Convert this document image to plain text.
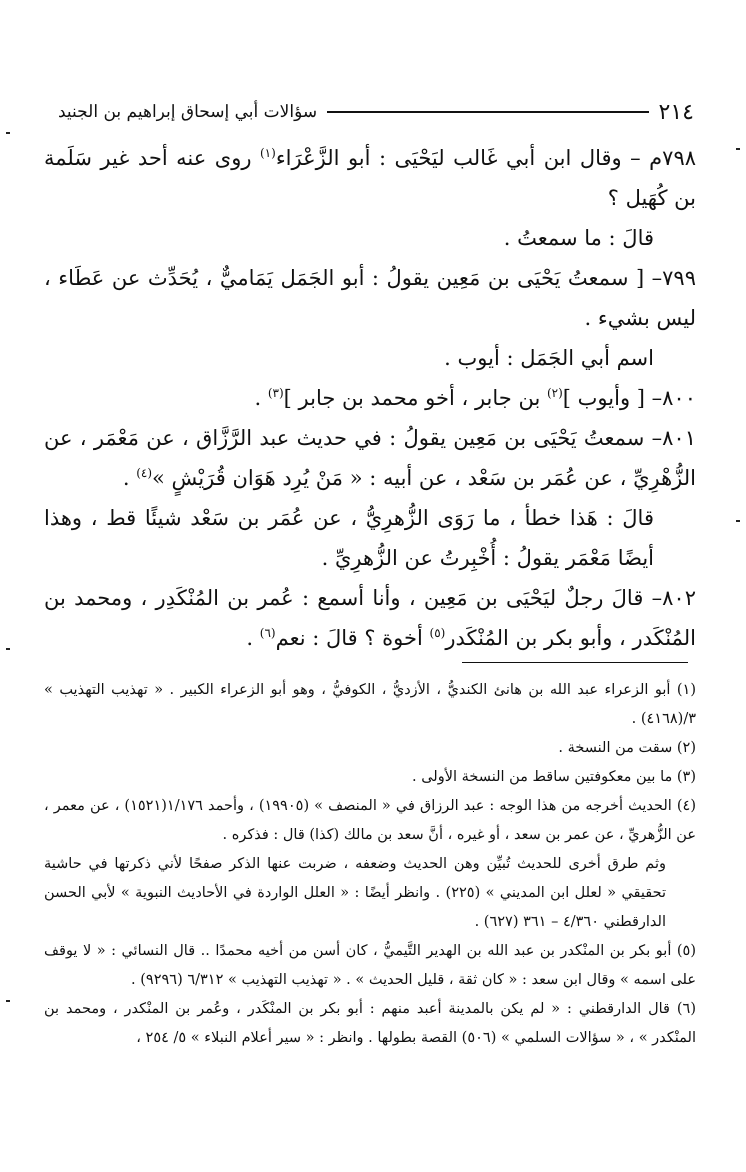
٢١٤
سؤالات أبي إسحاق إبراهيم بن الجنيد

٧٩٨م – وقال ابن أبي غَالب ليَحْيَى : أبو الزَّعْرَاء$^{(١)}$ روى عنه أحد غير سَلَمة بن كُهَيل ؟

قالَ : ما سمعتُ .

٧٩٩– [ سمعتُ يَحْيَى بن مَعِين يقولُ : أبو الجَمَل يَمَاميٌّ ، يُحَدِّث عن عَطَاء ، ليس بشيء .

اسم أبي الجَمَل : أيوب .

٨٠٠– [ وأيوب ]$^{(٢)}$ بن جابر ، أخو محمد بن جابر ]$^{(٣)}$ .

٨٠١– سمعتُ يَحْيَى بن مَعِين يقولُ : في حديث عبد الرَّزَّاق ، عن مَعْمَر ، عن الزُّهْرِيِّ ، عن عُمَر بن سَعْد ، عن أبيه : « مَنْ يُرِد هَوَان قُرَيْشٍ »$^{(٤)}$ .

قالَ : هَذا خطأ ، ما رَوَى الزُّهرِيُّ ، عن عُمَر بن سَعْد شيئًا قط ، وهذا أيضًا مَعْمَر يقولُ : أُخْبِرتُ عن الزُّهرِيِّ .

٨٠٢– قالَ رجلٌ ليَحْيَى بن مَعِين ، وأنا أسمع : عُمر بن المُنْكَدِر ، ومحمد بن المُنْكَدر ، وأبو بكر بن المُنْكَدر$^{(٥)}$ أخوة ؟ قالَ : نعم$^{(٦)}$ .

(١) أبو الزعراء عبد الله بن هانئ الكنديُّ ، الأزديُّ ، الكوفيُّ ، وهو أبو الزعراء الكبير . « تهذيب التهذيب » ٣/(٤١٦٨) .

(٢) سقت من النسخة .

(٣) ما بين معكوفتين ساقط من النسخة الأولى .

(٤) الحديث أخرجه من هذا الوجه : عبد الرزاق في « المنصف » (١٩٩٠٥) ، وأحمد ١/١٧٦(١٥٢١) ، عن معمر ، عن الزُّهريِّ ، عن عمر بن سعد ، أو غيره ، أنَّ سعد بن مالك (كذا) قال : فذكره .

وثم طرق أخرى للحديث تُبيِّن وهن الحديث وضعفه ، ضربت عنها الذكر صفحًا لأني ذكرتها في حاشية تحقيقي « لعلل ابن المديني » (٢٢٥) . وانظر أيضًا : « العلل الواردة في الأحاديث النبوية » لأبي الحسن الدارقطني ٤/٣٦٠ – ٣٦١ (٦٢٧) .

(٥) أبو بكر بن المنْكدر بن عبد الله بن الهدير التَّيميُّ ، كان أسن من أخيه محمدًا .. قال النسائي : « لا يوقف على اسمه » وقال ابن سعد : « كان ثقة ، قليل الحديث » . « تهذيب التهذيب » ٦/٣١٢ (٩٢٩٦) .

(٦) قال الدارقطني : « لم يكن بالمدينة أعبد منهم : أبو بكر بن المنْكَدر ، وعُمر بن المنْكدر ، ومحمد بن المنْكدر » ، « سؤالات السلمي » (٥٠٦) القصة بطولها . وانظر : « سير أعلام النبلاء » ٥/ ٢٥٤ ،
